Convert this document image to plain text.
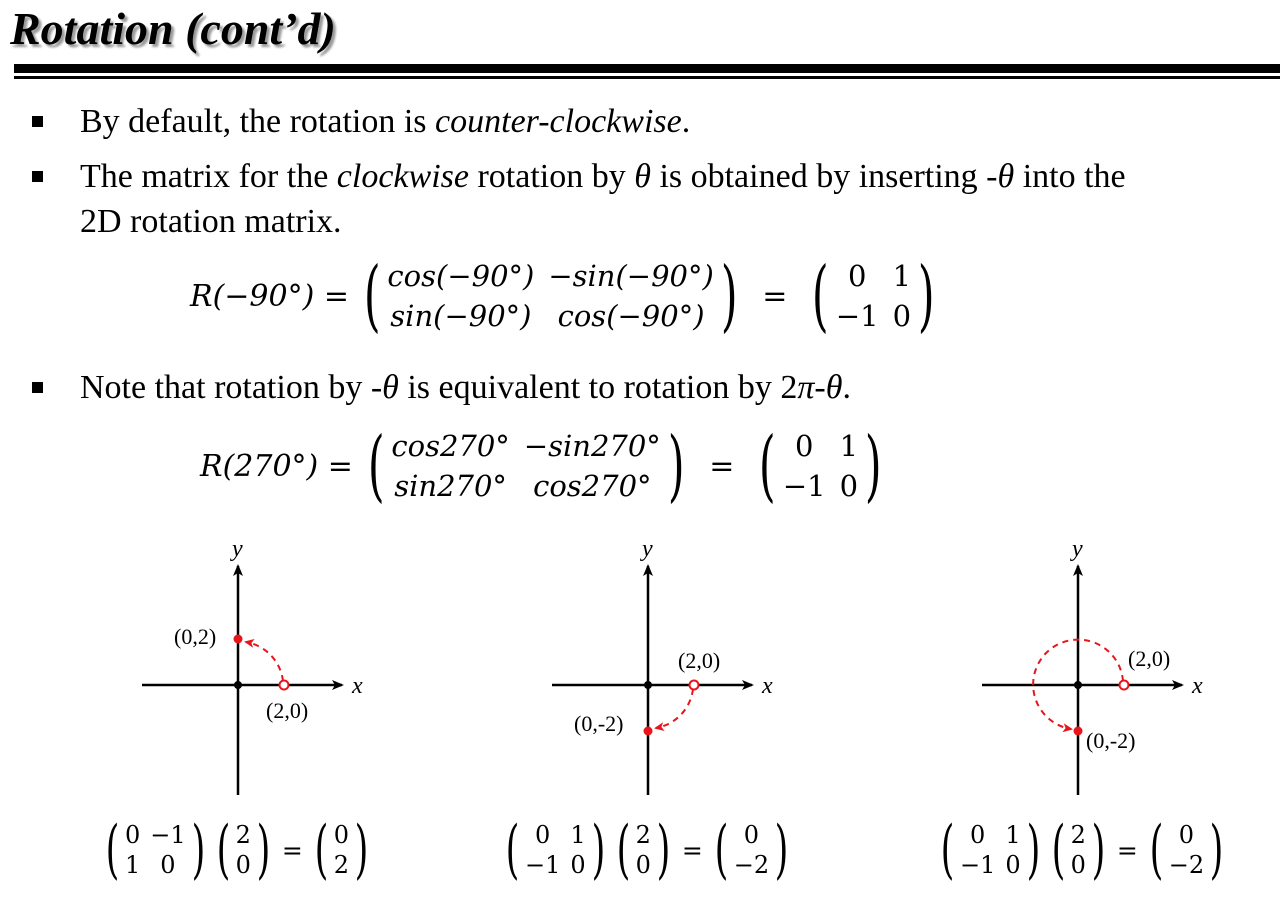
Rotation (cont’d)
By default, the rotation is counter-clockwise.
The matrix for the clockwise rotation by θ is obtained by inserting -θ into the
2D rotation matrix.
R(−90°) = ( cos(−90°) −sin(−90°)
sin(−90°) cos(−90°) ) = ( 0 1
−1 0 )
Note that rotation by -θ is equivalent to rotation by 2π-θ.
R(270°) = ( cos270° −sin270°
sin270° cos270° ) = ( 0 1
−1 0 )
y
x
(2,0)
(0,2)
y
x
(2,0)
(0,-2)
y
x
(2,0)
(0,-2)
( 0 −1
1 0 ) ( 2
0 ) = ( 0
2 ) ( 0 1
−1 0 ) ( 2
0 ) = ( 0
−2 ) ( 0 1
−1 0 ) ( 2
0 ) = ( 0
−2 )
